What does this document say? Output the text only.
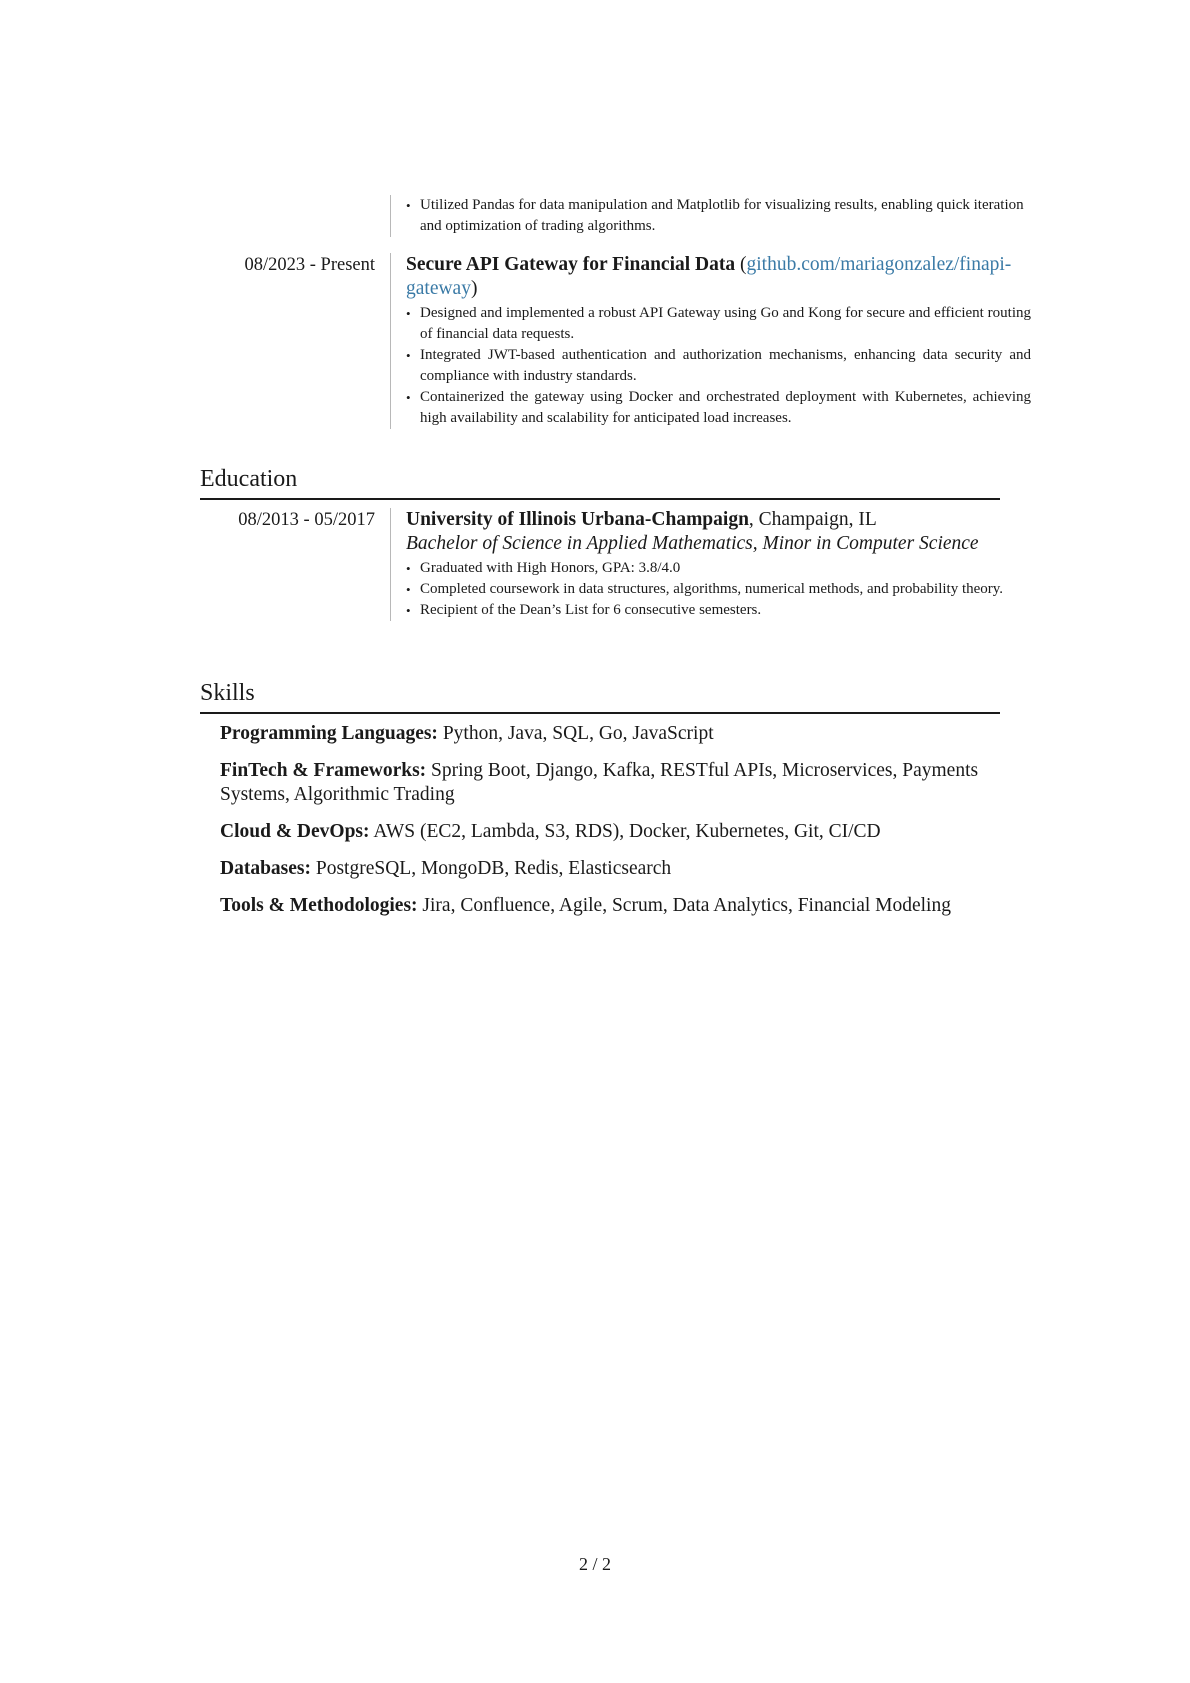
• Utilized Pandas for data manipulation and Matplotlib for visualizing results, enabling quick iteration and optimization of trading algorithms.
08/2023 - Present Secure API Gateway for Financial Data (github.com/mariagonzalez/finapi-gateway)
• Designed and implemented a robust API Gateway using Go and Kong for secure and efficient routing of financial data requests.
• Integrated JWT-based authentication and authorization mechanisms, enhancing data security and compliance with industry standards.
• Containerized the gateway using Docker and orchestrated deployment with Kubernetes, achieving high availability and scalability for anticipated load increases.
Education
08/2013 - 05/2017 University of Illinois Urbana-Champaign, Champaign, IL
Bachelor of Science in Applied Mathematics, Minor in Computer Science
• Graduated with High Honors, GPA: 3.8/4.0
• Completed coursework in data structures, algorithms, numerical methods, and probability theory.
• Recipient of the Dean’s List for 6 consecutive semesters.
Skills
Programming Languages: Python, Java, SQL, Go, JavaScript
FinTech & Frameworks: Spring Boot, Django, Kafka, RESTful APIs, Microservices, Payments Systems, Algorithmic Trading
Cloud & DevOps: AWS (EC2, Lambda, S3, RDS), Docker, Kubernetes, Git, CI/CD
Databases: PostgreSQL, MongoDB, Redis, Elasticsearch
Tools & Methodologies: Jira, Confluence, Agile, Scrum, Data Analytics, Financial Modeling
2 / 2
